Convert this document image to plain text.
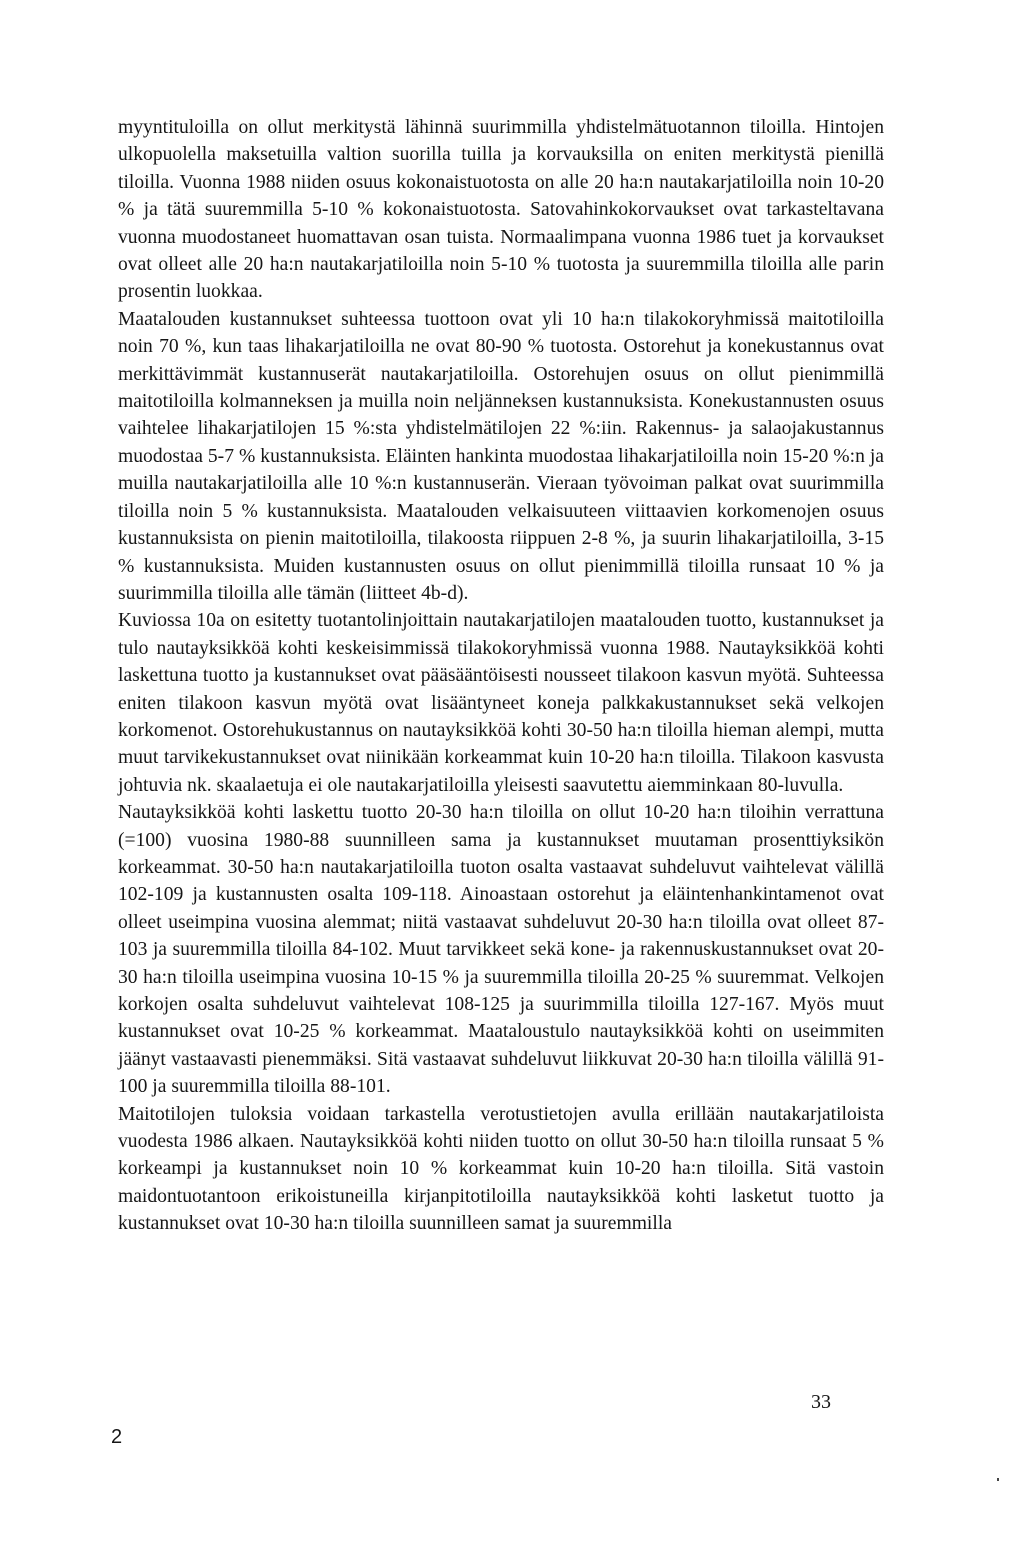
myyntituloilla on ollut merkitystä lähinnä suurimmilla yhdistelmätuotannon tiloilla. Hintojen ulkopuolella maksetuilla valtion suorilla tuilla ja korvauksilla on eniten merkitystä pienillä tiloilla. Vuonna 1988 niiden osuus kokonaistuotosta on alle 20 ha:n nautakarjatiloilla noin 10-20 % ja tätä suuremmilla 5-10 % kokonaistuotosta. Satovahinkokorvaukset ovat tarkasteltavana vuonna muodostaneet huomattavan osan tuista. Normaalimpana vuonna 1986 tuet ja korvaukset ovat olleet alle 20 ha:n nautakarjatiloilla noin 5-10 % tuotosta ja suuremmilla tiloilla alle parin prosentin luokkaa.

Maatalouden kustannukset suhteessa tuottoon ovat yli 10 ha:n tilakokoryhmissä maitotiloilla noin 70 %, kun taas lihakarjatiloilla ne ovat 80-90 % tuotosta. Ostorehut ja konekustannus ovat merkittävimmät kustannuserät nautakarjatiloilla. Ostorehujen osuus on ollut pienimmillä maitotiloilla kolmanneksen ja muilla noin neljänneksen kustannuksista. Konekustannusten osuus vaihtelee lihakarjatilojen 15 %:sta yhdistelmätilojen 22 %:iin. Rakennus- ja salaojakustannus muodostaa 5-7 % kustannuksista. Eläinten hankinta muodostaa lihakarjatiloilla noin 15-20 %:n ja muilla nautakarjatiloilla alle 10 %:n kustannuserän. Vieraan työvoiman palkat ovat suurimmilla tiloilla noin 5 % kustannuksista. Maatalouden velkaisuuteen viittaavien korkomenojen osuus kustannuksista on pienin maitotiloilla, tilakoosta riippuen 2-8 %, ja suurin lihakarjatiloilla, 3-15 % kustannuksista. Muiden kustannusten osuus on ollut pienimmillä tiloilla runsaat 10 % ja suurimmilla tiloilla alle tämän (liitteet 4b-d).

Kuviossa 10a on esitetty tuotantolinjoittain nautakarjatilojen maatalouden tuotto, kustannukset ja tulo nautayksikköä kohti keskeisimmissä tilakokoryhmissä vuonna 1988. Nautayksikköä kohti laskettuna tuotto ja kustannukset ovat pääsääntöisesti nousseet tilakoon kasvun myötä. Suhteessa eniten tilakoon kasvun myötä ovat lisääntyneet koneja palkkakustannukset sekä velkojen korkomenot. Ostorehukustannus on nautayksikköä kohti 30-50 ha:n tiloilla hieman alempi, mutta muut tarvikekustannukset ovat niinikään korkeammat kuin 10-20 ha:n tiloilla. Tilakoon kasvusta johtuvia nk. skaalaetuja ei ole nautakarjatiloilla yleisesti saavutettu aiemminkaan 80-luvulla.

Nautayksikköä kohti laskettu tuotto 20-30 ha:n tiloilla on ollut 10-20 ha:n tiloihin verrattuna (=100) vuosina 1980-88 suunnilleen sama ja kustannukset muutaman prosenttiyksikön korkeammat. 30-50 ha:n nautakarjatiloilla tuoton osalta vastaavat suhdeluvut vaihtelevat välillä 102-109 ja kustannusten osalta 109-118. Ainoastaan ostorehut ja eläintenhankintamenot ovat olleet useimpina vuosina alemmat; niitä vastaavat suhdeluvut 20-30 ha:n tiloilla ovat olleet 87-103 ja suuremmilla tiloilla 84-102. Muut tarvikkeet sekä kone- ja rakennuskustannukset ovat 20-30 ha:n tiloilla useimpina vuosina 10-15 % ja suuremmilla tiloilla 20-25 % suuremmat. Velkojen korkojen osalta suhdeluvut vaihtelevat 108-125 ja suurimmilla tiloilla 127-167. Myös muut kustannukset ovat 10-25 % korkeammat. Maataloustulo nautayksikköä kohti on useimmiten jäänyt vastaavasti pienemmäksi. Sitä vastaavat suhdeluvut liikkuvat 20-30 ha:n tiloilla välillä 91-100 ja suuremmilla tiloilla 88-101.

Maitotilojen tuloksia voidaan tarkastella verotustietojen avulla erillään nautakarjatiloista vuodesta 1986 alkaen. Nautayksikköä kohti niiden tuotto on ollut 30-50 ha:n tiloilla runsaat 5 % korkeampi ja kustannukset noin 10 % korkeammat kuin 10-20 ha:n tiloilla. Sitä vastoin maidontuotantoon erikoistuneilla kirjanpitotiloilla nautayksikköä kohti lasketut tuotto ja kustannukset ovat 10-30 ha:n tiloilla suunnilleen samat ja suuremmilla

33
2
